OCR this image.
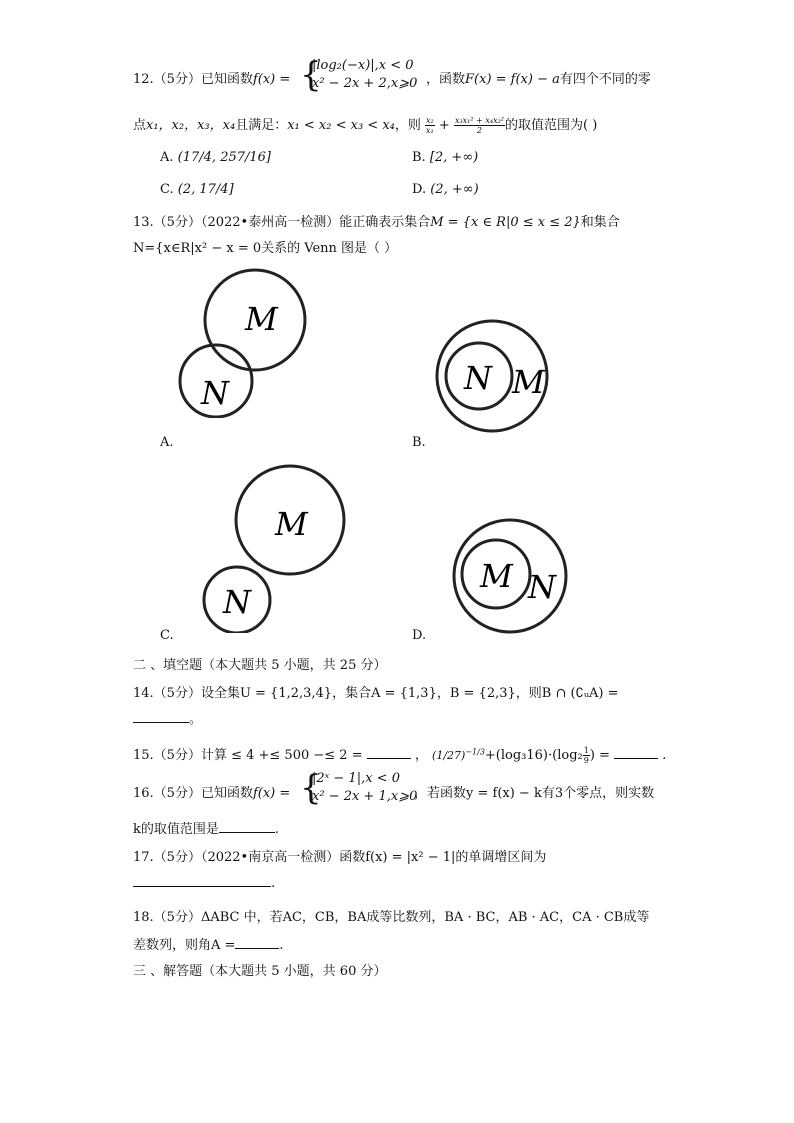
12.（5分）已知函数f(x) = {
|log₂(−x)|,x < 0
x² − 2x + 2,x⩾0 ，函数F(x) = f(x) − a有四个不同的零
点x₁，x₂，x₃，x₄且满足：x₁ < x₂ < x₃ < x₄，则 $\frac{\text{x₂}}{\text{x₁}} + \frac{\text{x₃x₁² + x₄x₂²}}{2}$ 的取值范围为( )
A. (17/4, 257/16]	B. [2, +∞)
C. (2, 17/4]	D. (2, +∞)
13.（5分）（2022•泰州高一检测）能正确表示集合M = {x ∈ R|0 ≤ x ≤ 2}和集合
N={x∈R|x² − x = 0关系的 Venn 图是（ ）
M
N
A.
N M
B.
M
N
C.
M N
D.
二 、填空题（本大题共 5 小题，共 25 分）
14.（5分）设全集U = {1,2,3,4}，集合A = {1,3}，B = {2,3}，则B ∩ (∁ᵤA) =
。
15.（5分）计算 ≤ 4 +≤ 500 −≤ 2 =	， $(1/27)^{-1/3}+(\log_316)\cdot(\log_2 \frac{1}{9}$ ) =	.
16.（5分）已知函数f(x) = {
|2ˣ − 1|,x < 0
x² − 2x + 1,x⩾0
，若函数y = f(x) − k有3个零点，则实数
k的取值范围是	.
17.（5分）（2022•南京高一检测）函数f(x) = |x² − 1|的单调增区间为
.
18.（5分）ΔABC 中，若AC，CB，BA成等比数列，BA · BC，AB · AC，CA · CB成等
差数列，则角A =	.
三 、解答题（本大题共 5 小题，共 60 分）
